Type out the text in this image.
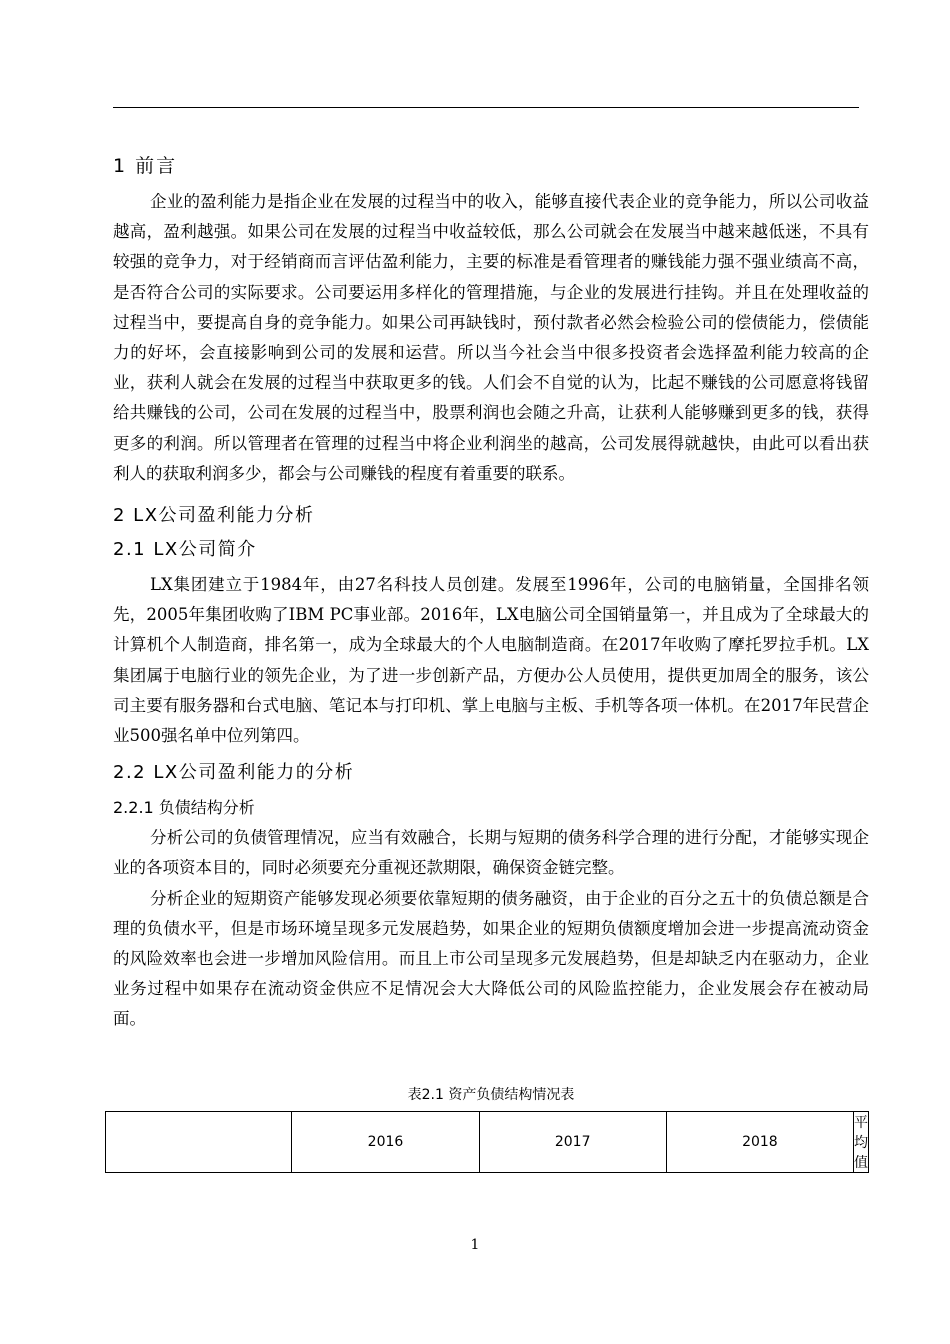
1 前言

企业的盈利能力是指企业在发展的过程当中的收入，能够直接代表企业的竞争能力，所以公司收益越高，盈利越强。如果公司在发展的过程当中收益较低，那么公司就会在发展当中越来越低迷，不具有较强的竞争力，对于经销商而言评估盈利能力，主要的标准是看管理者的赚钱能力强不强业绩高不高，是否符合公司的实际要求。公司要运用多样化的管理措施，与企业的发展进行挂钩。并且在处理收益的过程当中，要提高自身的竞争能力。如果公司再缺钱时，预付款者必然会检验公司的偿债能力，偿债能力的好坏，会直接影响到公司的发展和运营。所以当今社会当中很多投资者会选择盈利能力较高的企业，获利人就会在发展的过程当中获取更多的钱。人们会不自觉的认为，比起不赚钱的公司愿意将钱留给共赚钱的公司，公司在发展的过程当中，股票利润也会随之升高，让获利人能够赚到更多的钱，获得更多的利润。所以管理者在管理的过程当中将企业利润坐的越高，公司发展得就越快，由此可以看出获利人的获取利润多少，都会与公司赚钱的程度有着重要的联系。

2 LX公司盈利能力分析
2.1 LX公司简介

LX集团建立于1984年，由27名科技人员创建。发展至1996年，公司的电脑销量，全国排名领先，2005年集团收购了IBM PC事业部。2016年，LX电脑公司全国销量第一，并且成为了全球最大的计算机个人制造商，排名第一，成为全球最大的个人电脑制造商。在2017年收购了摩托罗拉手机。LX集团属于电脑行业的领先企业，为了进一步创新产品，方便办公人员使用，提供更加周全的服务，该公司主要有服务器和台式电脑、笔记本与打印机、掌上电脑与主板、手机等各项一体机。在2017年民营企业500强名单中位列第四。

2.2 LX公司盈利能力的分析
2.2.1 负债结构分析

分析公司的负债管理情况，应当有效融合，长期与短期的债务科学合理的进行分配，才能够实现企业的各项资本目的，同时必须要充分重视还款期限，确保资金链完整。

分析企业的短期资产能够发现必须要依靠短期的债务融资，由于企业的百分之五十的负债总额是合理的负债水平，但是市场环境呈现多元发展趋势，如果企业的短期负债额度增加会进一步提高流动资金的风险效率也会进一步增加风险信用。而且上市公司呈现多元发展趋势，但是却缺乏内在驱动力，企业业务过程中如果存在流动资金供应不足情况会大大降低公司的风险监控能力，企业发展会存在被动局面。

表2.1 资产负债结构情况表

	2016	2017	2018	平均值
1
